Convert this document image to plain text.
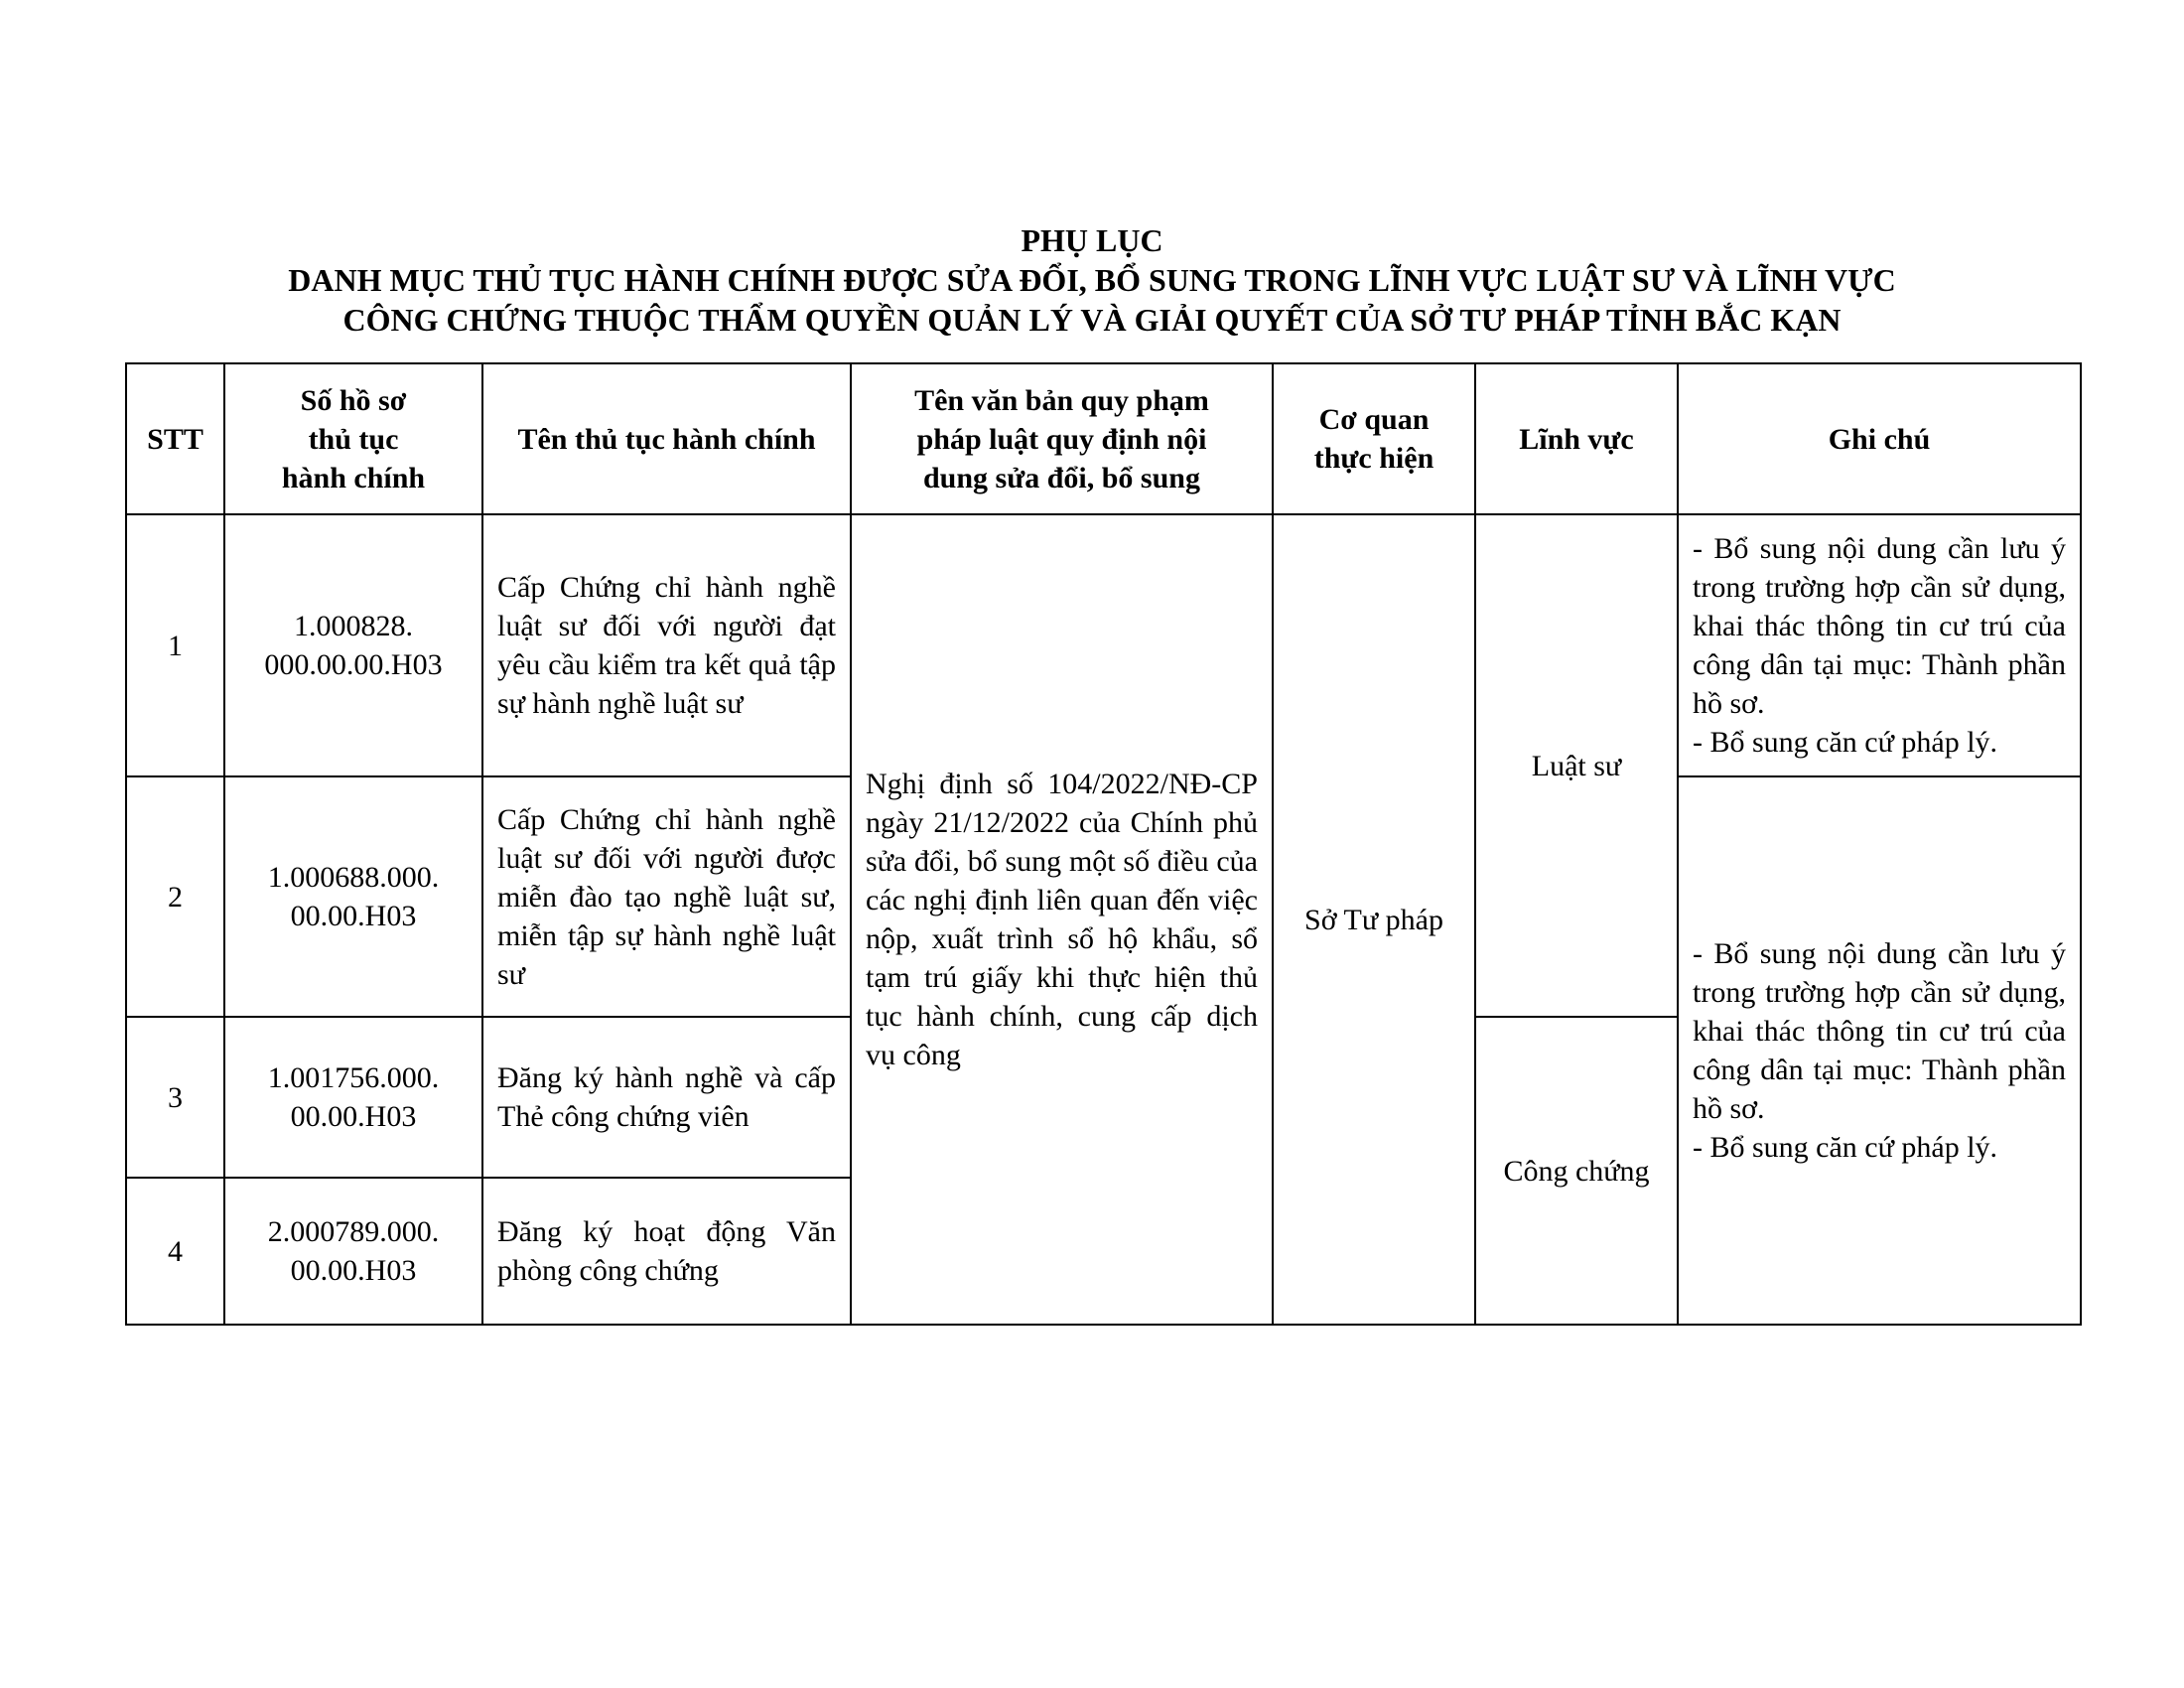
PHỤ LỤC
DANH MỤC THỦ TỤC HÀNH CHÍNH ĐƯỢC SỬA ĐỔI, BỔ SUNG TRONG LĨNH VỰC LUẬT SƯ VÀ LĨNH VỰC
CÔNG CHỨNG THUỘC THẨM QUYỀN QUẢN LÝ VÀ GIẢI QUYẾT CỦA SỞ TƯ PHÁP TỈNH BẮC KẠN
STT	Số hồ sơ
thủ tục
hành chính	Tên thủ tục hành chính	Tên văn bản quy phạm
pháp luật quy định nội
dung sửa đổi, bổ sung	Cơ quan
thực hiện	Lĩnh vực	Ghi chú
1	1.000828.
000.00.00.H03	Cấp Chứng chỉ hành nghề luật sư đối với người đạt yêu cầu kiểm tra kết quả tập sự hành nghề luật sư	Nghị định số 104/2022/NĐ-CP ngày 21/12/2022 của Chính phủ sửa đổi, bổ sung một số điều của các nghị định liên quan đến việc nộp, xuất trình sổ hộ khẩu, sổ tạm trú giấy khi thực hiện thủ tục hành chính, cung cấp dịch vụ công	Sở Tư pháp	Luật sư	- Bổ sung nội dung cần lưu ý trong trường hợp cần sử dụng, khai thác thông tin cư trú của công dân tại mục: Thành phần hồ sơ.
- Bổ sung căn cứ pháp lý.

2	1.000688.000.
00.00.H03	Cấp Chứng chỉ hành nghề luật sư đối với người được miễn đào tạo nghề luật sư, miễn tập sự hành nghề luật sư				- Bổ sung nội dung cần lưu ý trong trường hợp cần sử dụng, khai thác thông tin cư trú của công dân tại mục: Thành phần hồ sơ.
- Bổ sung căn cứ pháp lý.

3	1.001756.000.
00.00.H03	Đăng ký hành nghề và cấp Thẻ công chứng viên			Công chứng	
4	2.000789.000.
00.00.H03	Đăng ký hoạt động Văn phòng công chứng				
